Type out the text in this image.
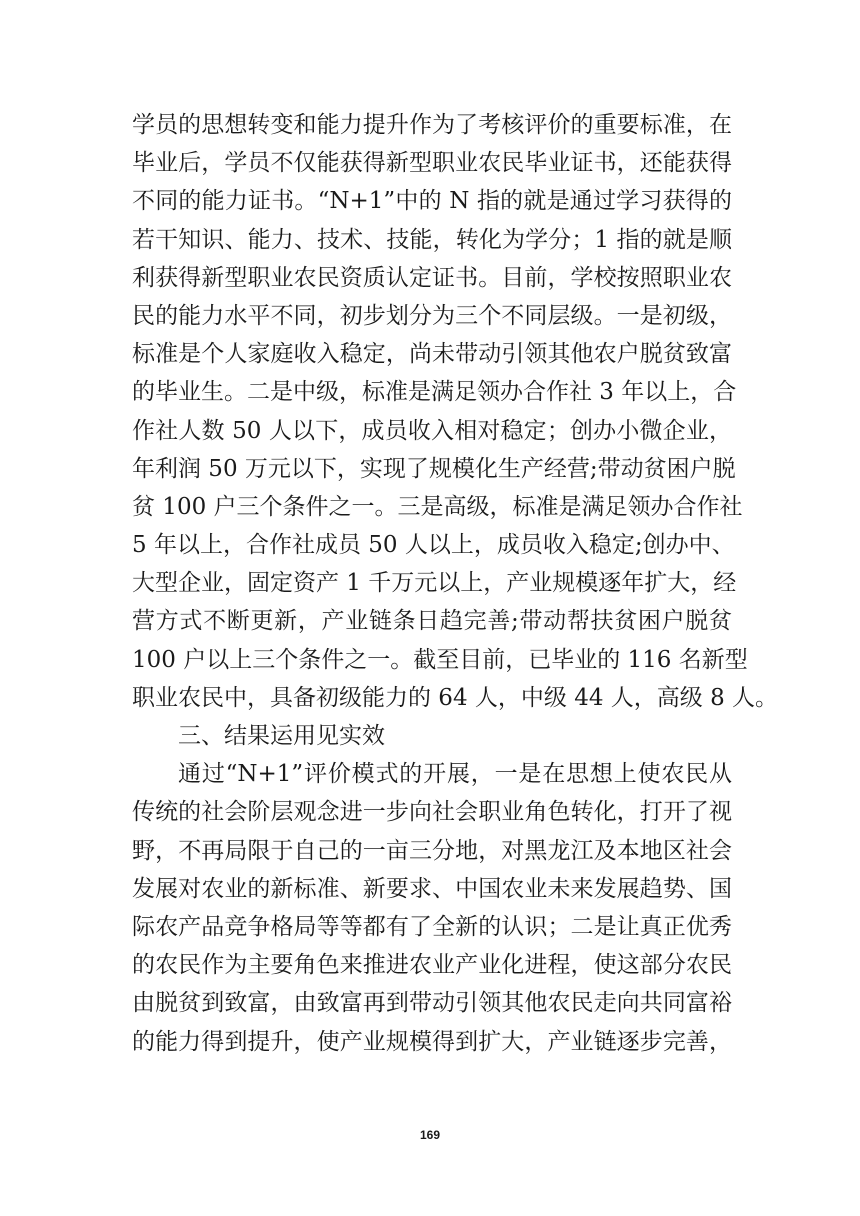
学员的思想转变和能力提升作为了考核评价的重要标准，在
毕业后，学员不仅能获得新型职业农民毕业证书，还能获得
不同的能力证书。“N+1”中的 N 指的就是通过学习获得的
若干知识、能力、技术、技能，转化为学分；1 指的就是顺
利获得新型职业农民资质认定证书。目前，学校按照职业农
民的能力水平不同，初步划分为三个不同层级。一是初级，
标准是个人家庭收入稳定，尚未带动引领其他农户脱贫致富
的毕业生。二是中级，标准是满足领办合作社 3 年以上，合
作社人数 50 人以下，成员收入相对稳定；创办小微企业，
年利润 50 万元以下，实现了规模化生产经营;带动贫困户脱
贫 100 户三个条件之一。三是高级，标准是满足领办合作社
5 年以上，合作社成员 50 人以上，成员收入稳定;创办中、
大型企业，固定资产 1 千万元以上，产业规模逐年扩大，经
营方式不断更新，产业链条日趋完善;带动帮扶贫困户脱贫
100 户以上三个条件之一。截至目前，已毕业的 116 名新型
职业农民中，具备初级能力的 64 人，中级 44 人，高级 8 人。
三、结果运用见实效
通过“N+1”评价模式的开展，一是在思想上使农民从
传统的社会阶层观念进一步向社会职业角色转化，打开了视
野，不再局限于自己的一亩三分地，对黑龙江及本地区社会
发展对农业的新标准、新要求、中国农业未来发展趋势、国
际农产品竞争格局等等都有了全新的认识；二是让真正优秀
的农民作为主要角色来推进农业产业化进程，使这部分农民
由脱贫到致富，由致富再到带动引领其他农民走向共同富裕
的能力得到提升，使产业规模得到扩大，产业链逐步完善，
169
